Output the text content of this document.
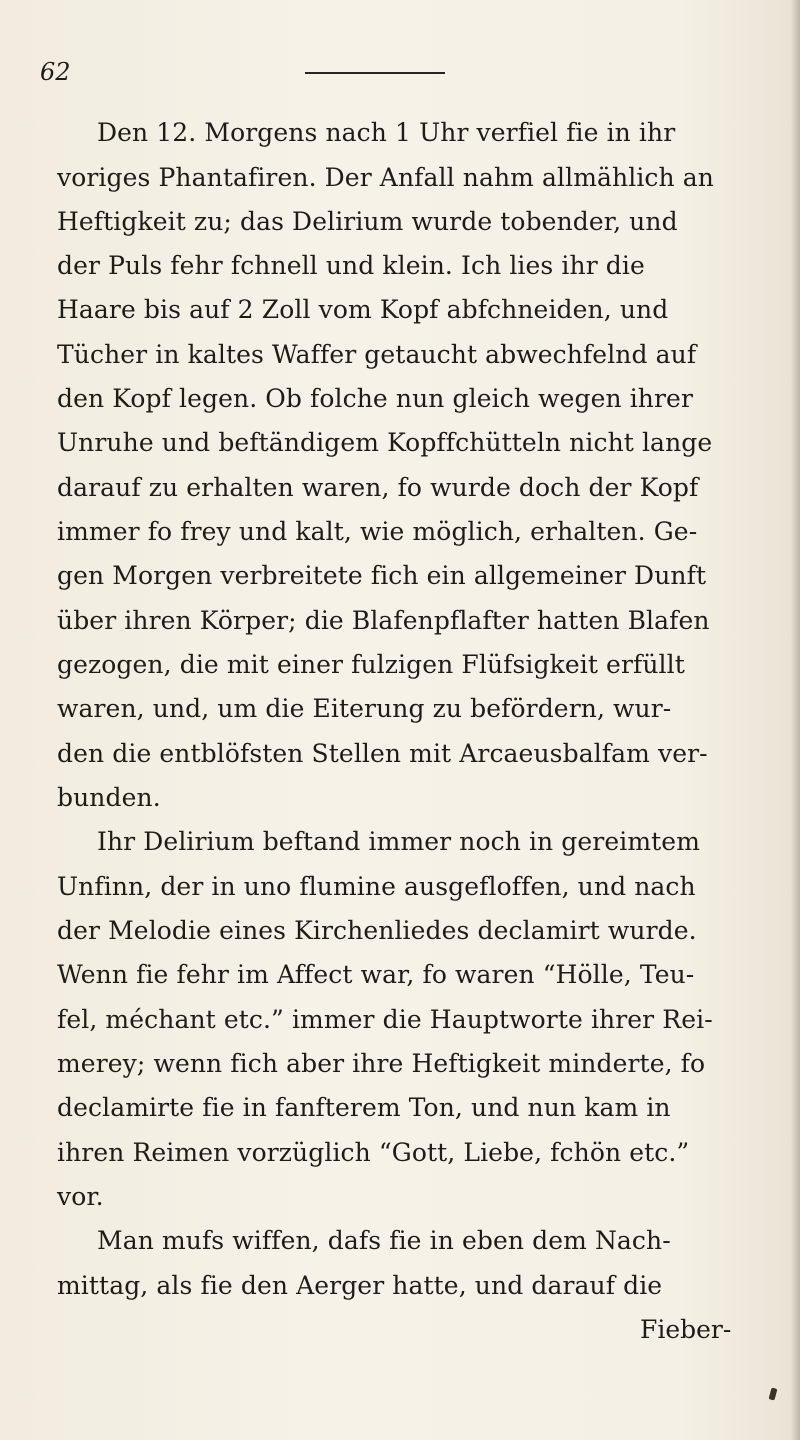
62
Den 12. Morgens nach 1 Uhr verfiel fie in ihr
voriges Phantafiren. Der Anfall nahm allmählich an
Heftigkeit zu; das Delirium wurde tobender, und
der Puls fehr fchnell und klein. Ich lies ihr die
Haare bis auf 2 Zoll vom Kopf abfchneiden, und
Tücher in kaltes Waffer getaucht abwechfelnd auf
den Kopf legen. Ob folche nun gleich wegen ihrer
Unruhe und beftändigem Kopffchütteln nicht lange
darauf zu erhalten waren, fo wurde doch der Kopf
immer fo frey und kalt, wie möglich, erhalten. Ge-
gen Morgen verbreitete fich ein allgemeiner Dunft
über ihren Körper; die Blafenpflafter hatten Blafen
gezogen, die mit einer fulzigen Flüfsigkeit erfüllt
waren, und, um die Eiterung zu befördern, wur-
den die entblöfsten Stellen mit Arcaeusbalfam ver-
bunden.
Ihr Delirium beftand immer noch in gereimtem
Unfinn, der in uno flumine ausgefloffen, und nach
der Melodie eines Kirchenliedes declamirt wurde.
Wenn fie fehr im Affect war, fo waren “Hölle, Teu-
fel, méchant etc.” immer die Hauptworte ihrer Rei-
merey; wenn fich aber ihre Heftigkeit minderte, fo
declamirte fie in fanfterem Ton, und nun kam in
ihren Reimen vorzüglich “Gott, Liebe, fchön etc.”
vor.
Man mufs wiffen, dafs fie in eben dem Nach-
mittag, als fie den Aerger hatte, und darauf die
Fieber-
